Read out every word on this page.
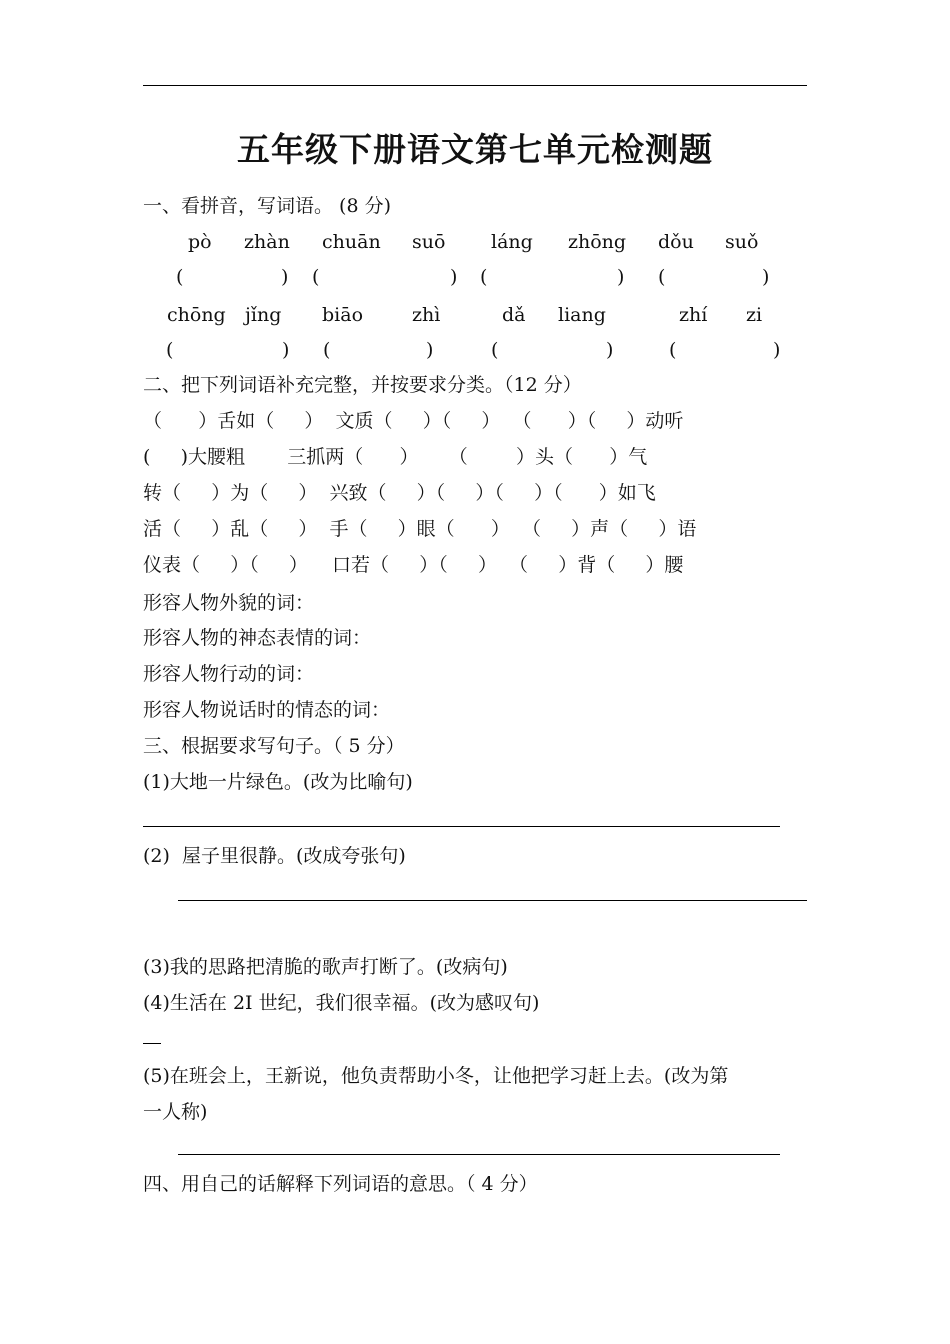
五年级下册语文第七单元检测题
一、看拼音，写词语。 (8 分)
pò zhàn chuān suō láng zhōng dǒu suǒ
(	) (	) (	) (	)
chōng jǐng biāo	zhì	dǎ liang	zhí zi
(	) (	)	(	)	(	)
二、把下列词语补充完整，并按要求分类。（12 分）
（      ）舌如（     ）  文质（     ）（     ）  （      ）（     ）动听
(     )大腰粗       三抓两（      ）     （        ）头（      ）气
转（     ）为（     ）  兴致（     ）（     ）（     ）（      ）如飞
活（     ）乱（     ）  手（     ）眼（      ）  （     ）声（     ）语
仪表（     ）（     ）    口若（     ）（     ）  （     ）背（     ）腰
形容人物外貌的词：
形容人物的神态表情的词：
形容人物行动的词：
形容人物说话时的情态的词：
三、根据要求写句子。（ 5 分）
(1)大地一片绿色。(改为比喻句)
(2)  屋子里很静。(改成夸张句)
(3)我的思路把清脆的歌声打断了。(改病句)
(4)生活在 2I 世纪，我们很幸福。(改为感叹句)
(5)在班会上，王新说，他负责帮助小冬，让他把学习赶上去。(改为第
一人称)
四、用自己的话解释下列词语的意思。（ 4 分）
